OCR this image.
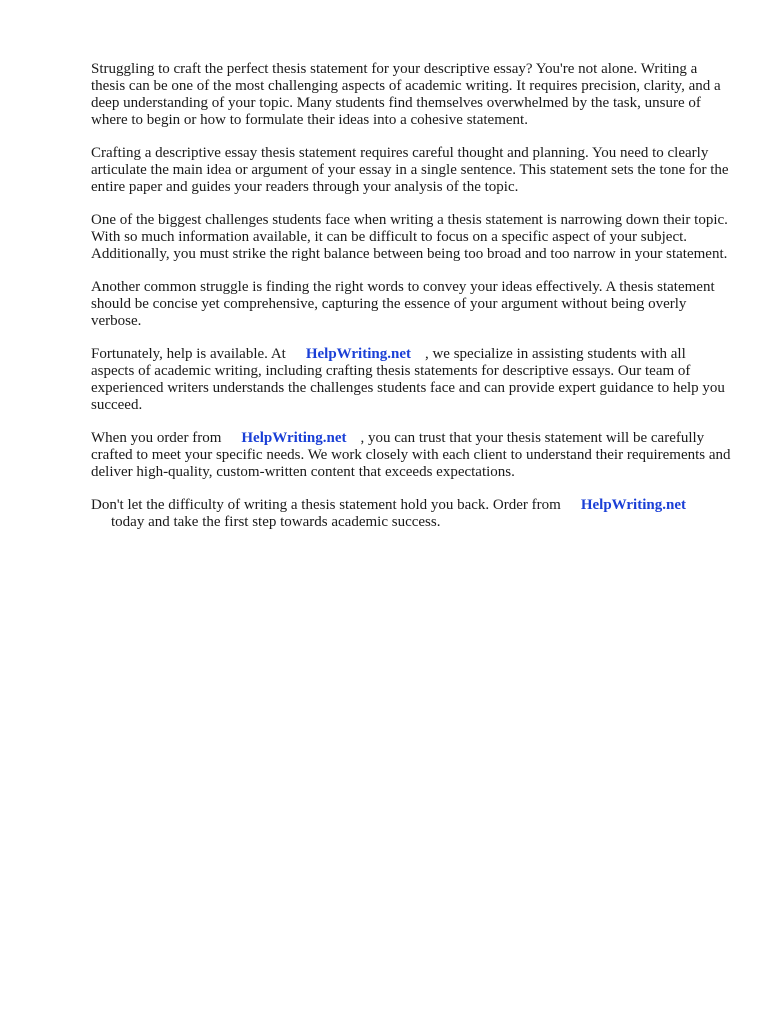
Struggling to craft the perfect thesis statement for your descriptive essay? You're not alone. Writing a thesis can be one of the most challenging aspects of academic writing. It requires precision, clarity, and a deep understanding of your topic. Many students find themselves overwhelmed by the task, unsure of where to begin or how to formulate their ideas into a cohesive statement.

Crafting a descriptive essay thesis statement requires careful thought and planning. You need to clearly articulate the main idea or argument of your essay in a single sentence. This statement sets the tone for the entire paper and guides your readers through your analysis of the topic.

One of the biggest challenges students face when writing a thesis statement is narrowing down their topic. With so much information available, it can be difficult to focus on a specific aspect of your subject. Additionally, you must strike the right balance between being too broad and too narrow in your statement.

Another common struggle is finding the right words to convey your ideas effectively. A thesis statement should be concise yet comprehensive, capturing the essence of your argument without being overly verbose.

Fortunately, help is available. At HelpWriting.net , we specialize in assisting students with all aspects of academic writing, including crafting thesis statements for descriptive essays. Our team of experienced writers understands the challenges students face and can provide expert guidance to help you succeed.

When you order from HelpWriting.net , you can trust that your thesis statement will be carefully crafted to meet your specific needs. We work closely with each client to understand their requirements and deliver high-quality, custom-written content that exceeds expectations.

Don't let the difficulty of writing a thesis statement hold you back. Order from HelpWriting.net
today and take the first step towards academic success.
